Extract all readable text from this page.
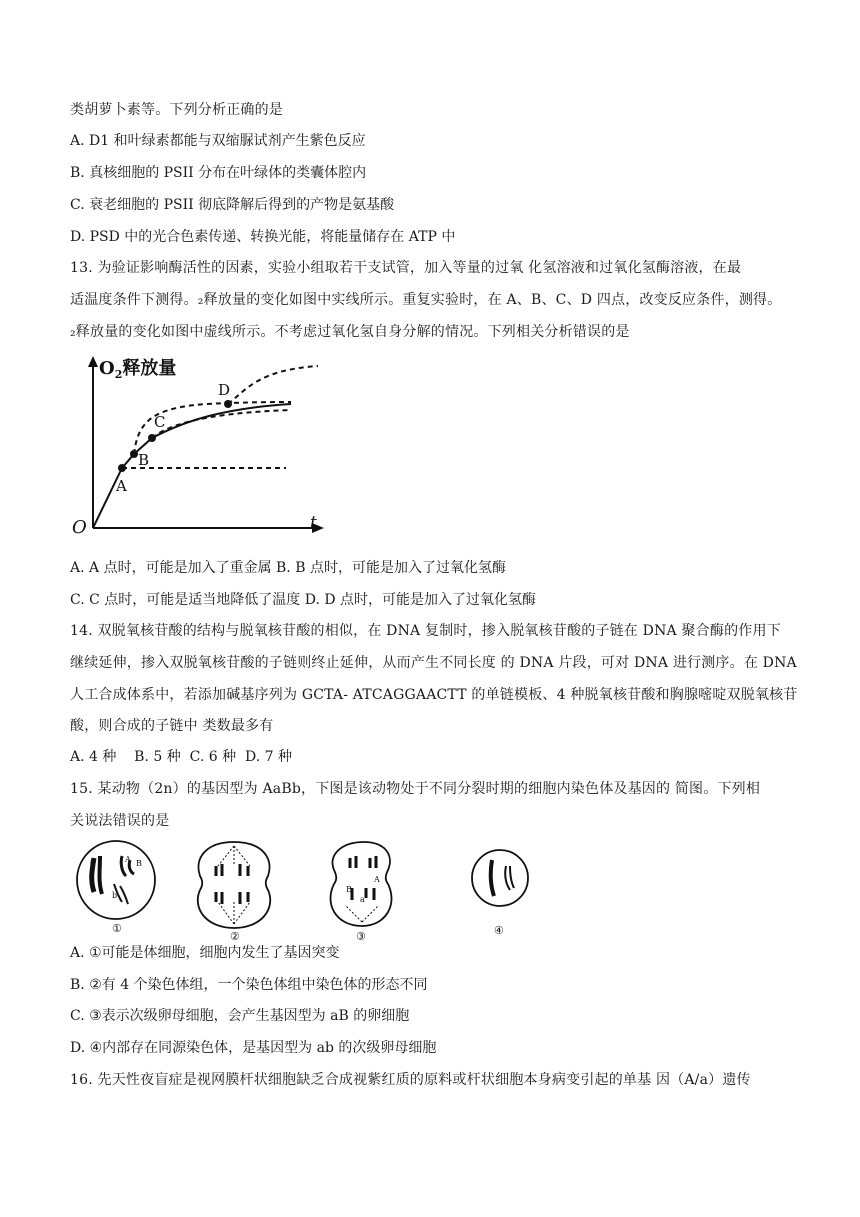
类胡萝卜素等。下列分析正确的是
A. D1 和叶绿素都能与双缩脲试剂产生紫色反应
B. 真核细胞的 PSII 分布在叶绿体的类囊体腔内
C. 衰老细胞的 PSII 彻底降解后得到的产物是氨基酸
D. PSD 中的光合色素传递、转换光能，将能量储存在 ATP 中
13. 为验证影响酶活性的因素，实验小组取若干支试管，加入等量的过氧 化氢溶液和过氧化氢酶溶液，在最
适温度条件下测得。₂释放量的变化如图中实线所示。重复实验时，在 A、B、C、D 四点，改变反应条件，测得。
₂释放量的变化如图中虚线所示。不考虑过氧化氢自身分解的情况。下列相关分析错误的是
$O_2$释放量
t
O
A
B
C
D
A. A 点时，可能是加入了重金属 B. B 点时，可能是加入了过氧化氢酶
C. C 点时，可能是适当地降低了温度 D. D 点时，可能是加入了过氧化氢酶
14. 双脱氧核苷酸的结构与脱氧核苷酸的相似，在 DNA 复制时，掺入脱氧核苷酸的子链在 DNA 聚合酶的作用下
继续延伸，掺入双脱氧核苷酸的子链则终止延伸，从而产生不同长度 的 DNA 片段，可对 DNA 进行测序。在 DNA
人工合成体系中，若添加碱基序列为 GCTA- ATCAGGAACTT 的单链模板、4 种脱氧核苷酸和胸腺嘧啶双脱氧核苷
酸，则合成的子链中 类数最多有
A. 4 种    B. 5 种  C. 6 种  D. 7 种
15. 某动物（2n）的基因型为 AaBb，下图是该动物处于不同分裂时期的细胞内染色体及基因的 简图。下列相
关说法错误的是
a	A B
b
①
②
A
B
a
③	④
A. ①可能是体细胞，细胞内发生了基因突变
B. ②有 4 个染色体组，一个染色体组中染色体的形态不同
C. ③表示次级卵母细胞，会产生基因型为 aB 的卵细胞
D. ④内部存在同源染色体，是基因型为 ab 的次级卵母细胞
16. 先天性夜盲症是视网膜杆状细胞缺乏合成视紫红质的原料或杆状细胞本身病变引起的单基 因（A/a）遗传
